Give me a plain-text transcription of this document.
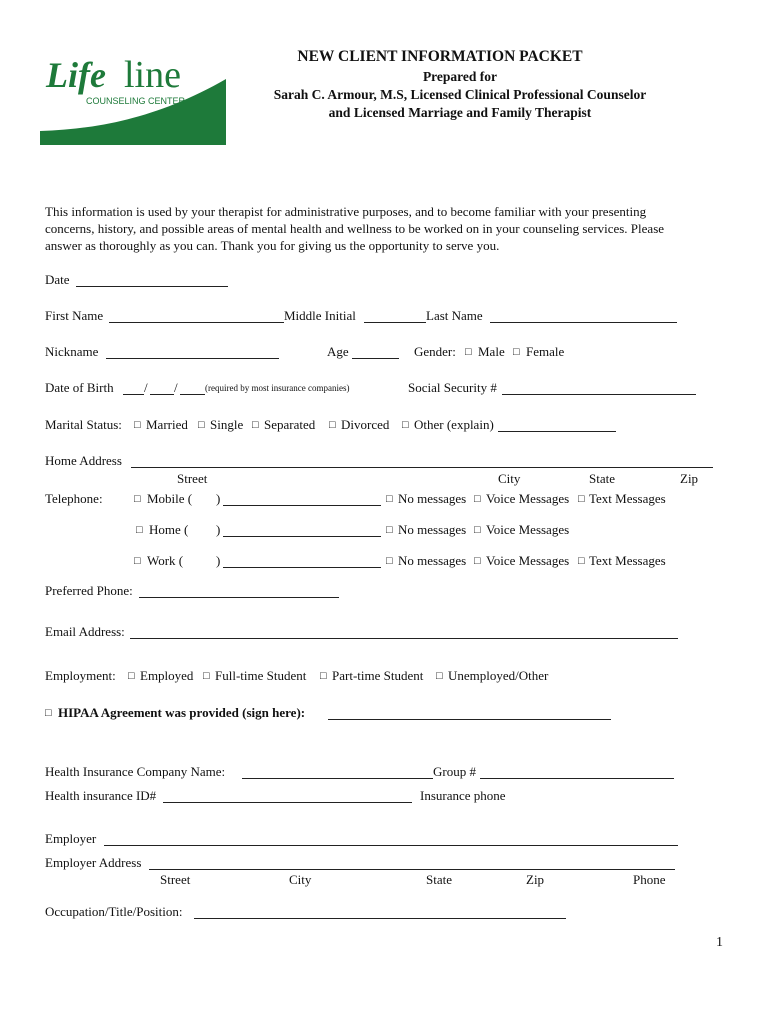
Life line
COUNSELING CENTER
NEW CLIENT INFORMATION PACKET
Prepared for
Sarah C. Armour, M.S, Licensed Clinical Professional Counselor
and Licensed Marriage and Family Therapist
This information is used by your therapist for administrative purposes, and to become familiar with your presenting concerns, history, and possible areas of mental health and wellness to be worked on in your counseling services. Please answer as thoroughly as you can. Thank you for giving us the opportunity to serve you.
Date
First Name	Middle Initial	Last Name
Nickname	Age	Gender: □ Male □ Female
Date of Birth / /	(required by most insurance companies)	Social Security #
Marital Status: □ Married □ Single □ Separated □ Divorced □ Other (explain)
Home Address
Street	City	State	Zip
Telephone:	□ Mobile ( )	□ No messages □ Voice Messages □ Text Messages
□ Home ( )	□ No messages □ Voice Messages
□ Work (	)	□ No messages □ Voice Messages □ Text Messages
Preferred Phone:
Email Address:
Employment: □ Employed □ Full-time Student □ Part-time Student □ Unemployed/Other
□ HIPAA Agreement was provided (sign here):
Health Insurance Company Name:	Group #
Health insurance ID#	Insurance phone
Employer
Employer Address
Street	City	State	Zip	Phone
Occupation/Title/Position:
1
